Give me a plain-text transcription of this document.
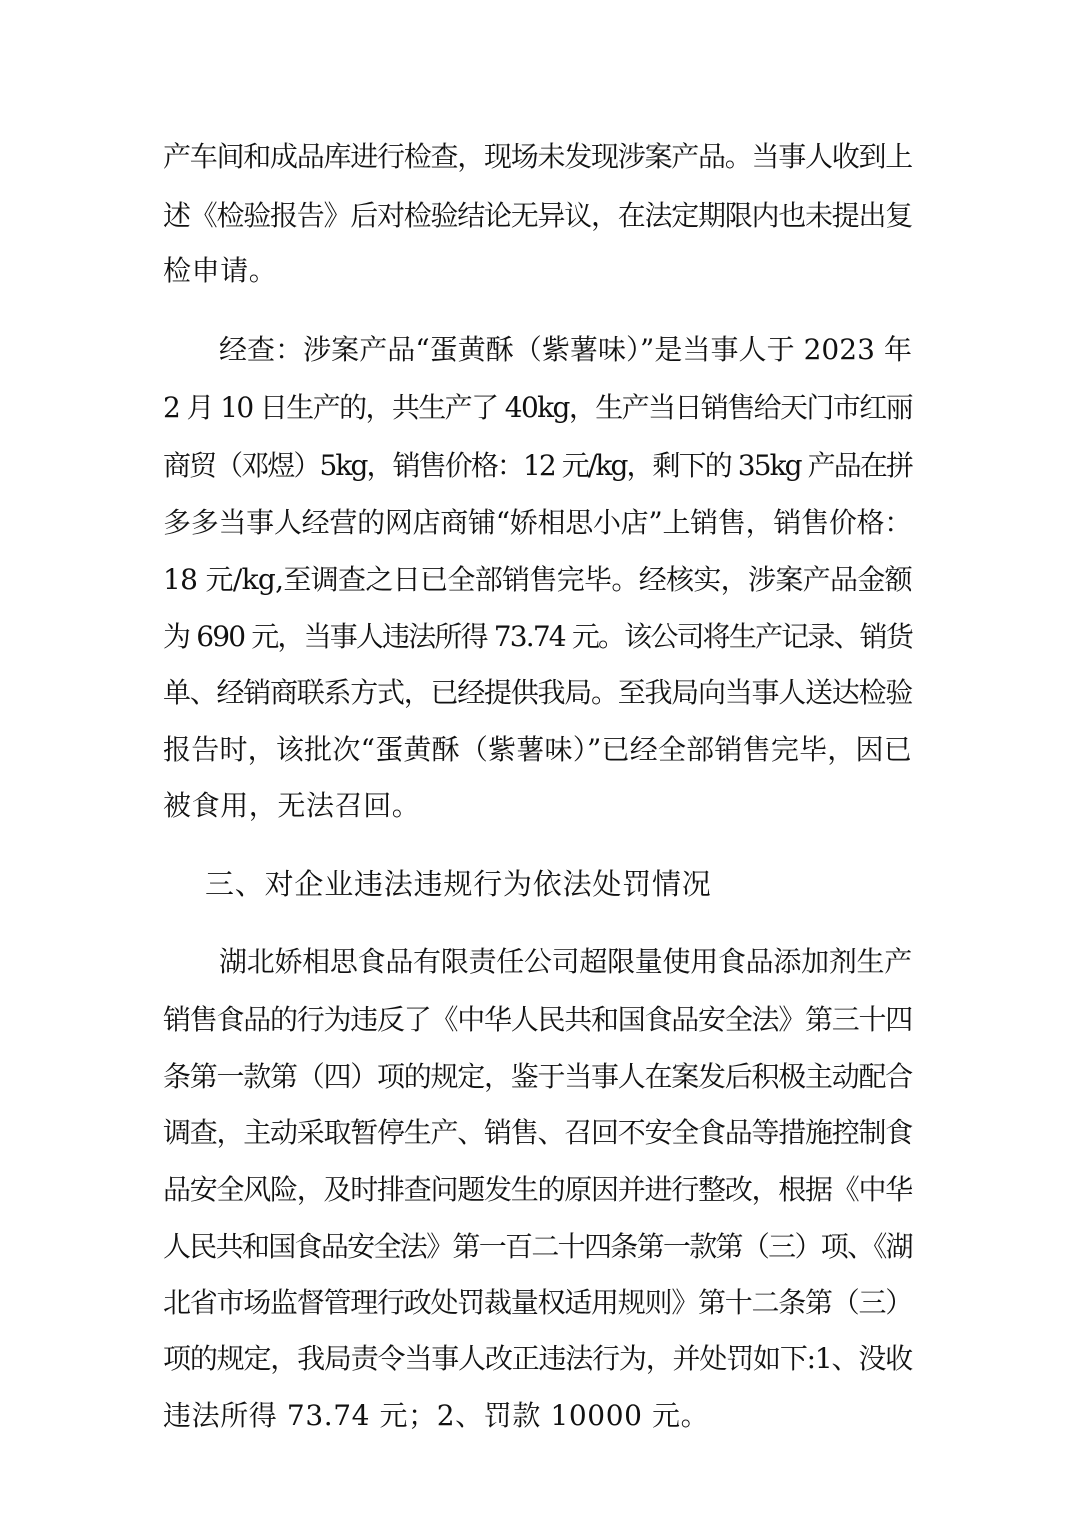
产车间和成品库进行检查，现场未发现涉案产品。当事人收到上
述《检验报告》后对检验结论无异议，在法定期限内也未提出复
检申请。
经查：涉案产品“蛋黄酥（紫薯味）”是当事人于 2023 年
2 月 10 日生产的，共生产了 40kg，生产当日销售给天门市红丽
商贸（邓煜）5kg，销售价格：12 元/kg，剩下的 35kg 产品在拼
多多当事人经营的网店商铺“娇相思小店”上销售，销售价格：
18 元/kg,至调查之日已全部销售完毕。经核实，涉案产品金额
为 690 元，当事人违法所得 73.74 元。该公司将生产记录、销货
单、经销商联系方式，已经提供我局。至我局向当事人送达检验
报告时，该批次“蛋黄酥（紫薯味）”已经全部销售完毕，因已
被食用，无法召回。
三、对企业违法违规行为依法处罚情况
湖北娇相思食品有限责任公司超限量使用食品添加剂生产
销售食品的行为违反了《中华人民共和国食品安全法》第三十四
条第一款第（四）项的规定，鉴于当事人在案发后积极主动配合
调查，主动采取暂停生产、销售、召回不安全食品等措施控制食
品安全风险，及时排查问题发生的原因并进行整改，根据《中华
人民共和国食品安全法》第一百二十四条第一款第（三）项、《湖
北省市场监督管理行政处罚裁量权适用规则》第十二条第（三）
项的规定，我局责令当事人改正违法行为，并处罚如下:1、没收
违法所得 73.74 元；2、罚款 10000 元。
